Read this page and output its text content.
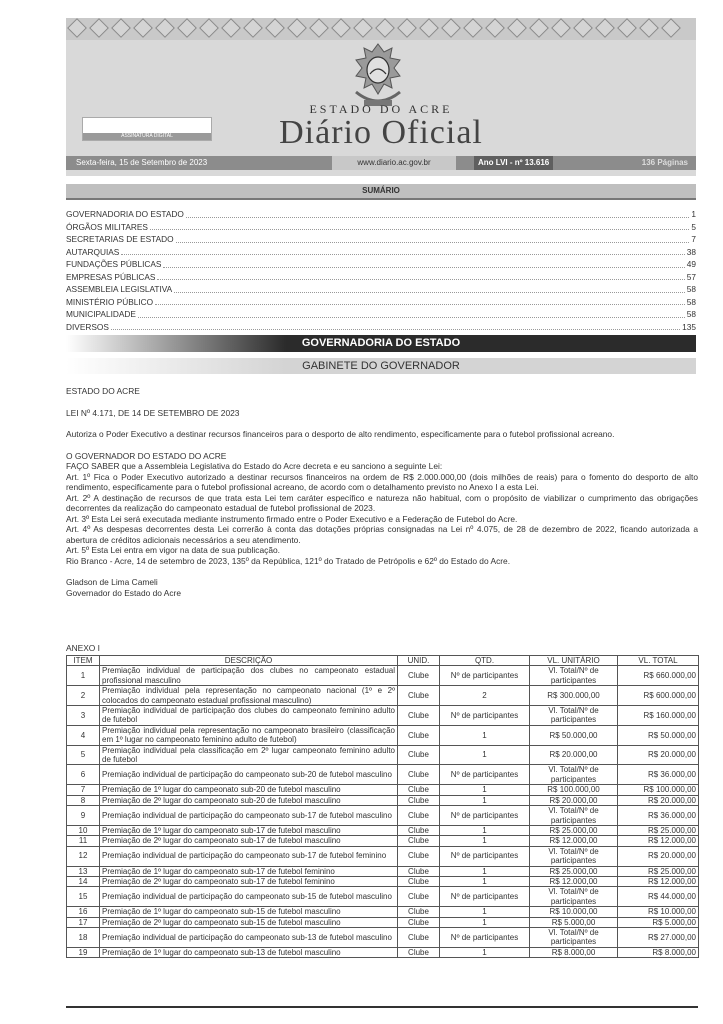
ESTADO DO ACRE
Diário Oficial
ASSINATURA DIGITAL
Sexta-feira, 15 de Setembro de 2023	www.diario.ac.gov.br	Ano LVI - nº 13.616	136 Páginas
SUMÁRIO
GOVERNADORIA DO ESTADO	1
ÓRGÃOS MILITARES	5
SECRETARIAS DE ESTADO	7
AUTARQUIAS	38
FUNDAÇÕES PÚBLICAS	49
EMPRESAS PÚBLICAS	57
ASSEMBLEIA LEGISLATIVA	58
MINISTÉRIO PÚBLICO	58
MUNICIPALIDADE	58
DIVERSOS	135
GOVERNADORIA DO ESTADO
GABINETE DO GOVERNADOR

ESTADO DO ACRE

LEI Nº 4.171, DE 14 DE SETEMBRO DE 2023

Autoriza o Poder Executivo a destinar recursos financeiros para o desporto de alto rendimento, especificamente para o futebol profissional acreano.

O GOVERNADOR DO ESTADO DO ACRE

FAÇO SABER que a Assembleia Legislativa do Estado do Acre decreta e eu sanciono a seguinte Lei:

Art. 1º Fica o Poder Executivo autorizado a destinar recursos financeiros na ordem de R$ 2.000.000,00 (dois milhões de reais) para o fomento do desporto de alto rendimento, especificamente para o futebol profissional acreano, de acordo com o detalhamento previsto no Anexo I a esta Lei.

Art. 2º A destinação de recursos de que trata esta Lei tem caráter específico e natureza não habitual, com o propósito de viabilizar o cumprimento das obrigações decorrentes da realização do campeonato estadual de futebol profissional de 2023.

Art. 3º Esta Lei será executada mediante instrumento firmado entre o Poder Executivo e a Federação de Futebol do Acre.

Art. 4º As despesas decorrentes desta Lei correrão à conta das dotações próprias consignadas na Lei nº 4.075, de 28 de dezembro de 2022, ficando autorizada a abertura de créditos adicionais necessários a seu atendimento.

Art. 5º Esta Lei entra em vigor na data de sua publicação.

Rio Branco - Acre, 14 de setembro de 2023, 135º da República, 121º do Tratado de Petrópolis e 62º do Estado do Acre.

Gladson de Lima Cameli

Governador do Estado do Acre

ANEXO I
ITEM	DESCRIÇÃO	UNID.	QTD.	VL. UNITÁRIO	VL. TOTAL
1	Premiação individual de participação dos clubes no campeonato estadual profissional masculino	Clube	Nº de participantes	Vl. Total/Nº de participantes	R$ 660.000,00
2	Premiação individual pela representação no campeonato nacional (1º e 2º colocados do campeonato estadual profissional masculino)	Clube	2	R$ 300.000,00	R$ 600.000,00
3	Premiação individual de participação dos clubes do campeonato feminino adulto de futebol	Clube	Nº de participantes	Vl. Total/Nº de participantes	R$ 160.000,00
4	Premiação individual pela representação no campeonato brasileiro (classificação em 1º lugar no campeonato feminino adulto de futebol)	Clube	1	R$ 50.000,00	R$ 50.000,00
5	Premiação individual pela classificação em 2º lugar campeonato feminino adulto de futebol	Clube	1	R$ 20.000,00	R$ 20.000,00
6	Premiação individual de participação do campeonato sub-20 de futebol masculino	Clube	Nº de participantes	Vl. Total/Nº de participantes	R$ 36.000,00
7	Premiação de 1º lugar do campeonato sub-20 de futebol masculino	Clube	1	R$ 100.000,00	R$ 100.000,00
8	Premiação de 2º lugar do campeonato sub-20 de futebol masculino	Clube	1	R$ 20.000,00	R$ 20.000,00
9	Premiação individual de participação do campeonato sub-17 de futebol masculino	Clube	Nº de participantes	Vl. Total/Nº de participantes	R$ 36.000,00
10	Premiação de 1º lugar do campeonato sub-17 de futebol masculino	Clube	1	R$ 25.000,00	R$ 25.000,00
11	Premiação de 2º lugar do campeonato sub-17 de futebol masculino	Clube	1	R$ 12.000,00	R$ 12.000,00
12	Premiação individual de participação do campeonato sub-17 de futebol feminino	Clube	Nº de participantes	Vl. Total/Nº de participantes	R$ 20.000,00
13	Premiação de 1º lugar do campeonato sub-17 de futebol feminino	Clube	1	R$ 25.000,00	R$ 25.000,00
14	Premiação de 2º lugar do campeonato sub-17 de futebol feminino	Clube	1	R$ 12.000,00	R$ 12.000,00
15	Premiação individual de participação do campeonato sub-15 de futebol masculino	Clube	Nº de participantes	Vl. Total/Nº de participantes	R$ 44.000,00
16	Premiação de 1º lugar do campeonato sub-15 de futebol masculino	Clube	1	R$ 10.000,00	R$ 10.000,00
17	Premiação de 2º lugar do campeonato sub-15 de futebol masculino	Clube	1	R$ 5.000,00	R$ 5.000,00
18	Premiação individual de participação do campeonato sub-13 de futebol masculino	Clube	Nº de participantes	Vl. Total/Nº de participantes	R$ 27.000,00
19	Premiação de 1º lugar do campeonato sub-13 de futebol masculino	Clube	1	R$ 8.000,00	R$ 8.000,00
